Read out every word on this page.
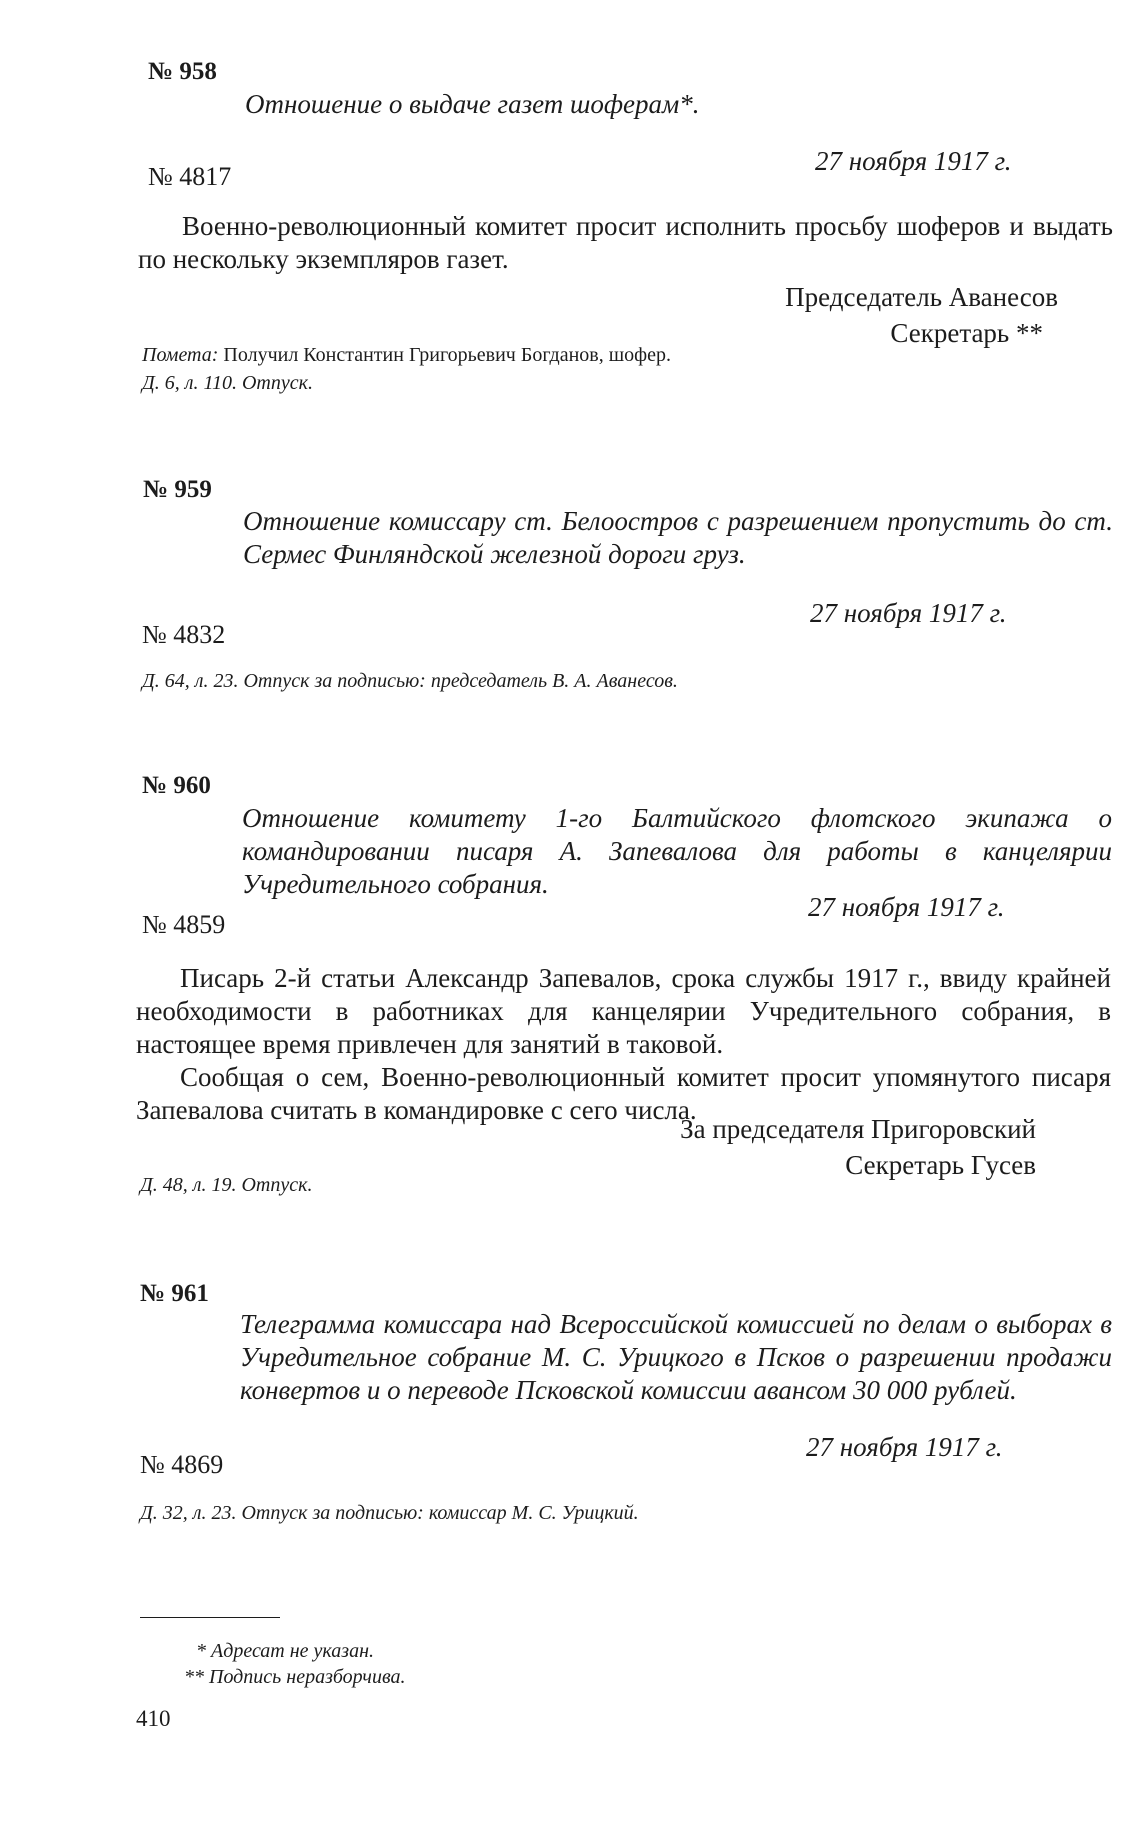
№ 958
Отношение о выдаче газет шоферам*.
27 ноября 1917 г.
№ 4817

Военно-революционный комитет просит исполнить просьбу шоферов и выдать по нескольку экземпляров газет.

Председатель Аванесов
Секретарь **
Помета: Получил Константин Григорьевич Богданов, шофер.
Д. 6, л. 110. Отпуск.
№ 959
Отношение комиссару ст. Белоостров с разрешением пропустить до ст. Сермес Финляндской железной дороги груз.
27 ноября 1917 г.
№ 4832
Д. 64, л. 23. Отпуск за подписью: председатель В. А. Аванесов.
№ 960
Отношение комитету 1-го Балтийского флотского экипажа о командировании писаря А. Запевалова для работы в канцелярии Учредительного собрания.
27 ноября 1917 г.
№ 4859

Писарь 2-й статьи Александр Запевалов, срока службы 1917 г., ввиду крайней необходимости в работниках для канцелярии Учредительного собрания, в настоящее время привлечен для занятий в таковой.

Сообщая о сем, Военно-революционный комитет просит упомянутого писаря Запевалова считать в командировке с сего числа.

За председателя Пригоровский
Секретарь Гусев
Д. 48, л. 19. Отпуск.
№ 961
Телеграмма комиссара над Всероссийской комиссией по делам о выборах в Учредительное собрание М. С. Урицкого в Псков о разрешении продажи конвертов и о переводе Псковской комиссии авансом 30 000 рублей.
27 ноября 1917 г.
№ 4869
Д. 32, л. 23. Отпуск за подписью: комиссар М. С. Урицкий.
* Адресат не указан.
** Подпись неразборчива.
410
